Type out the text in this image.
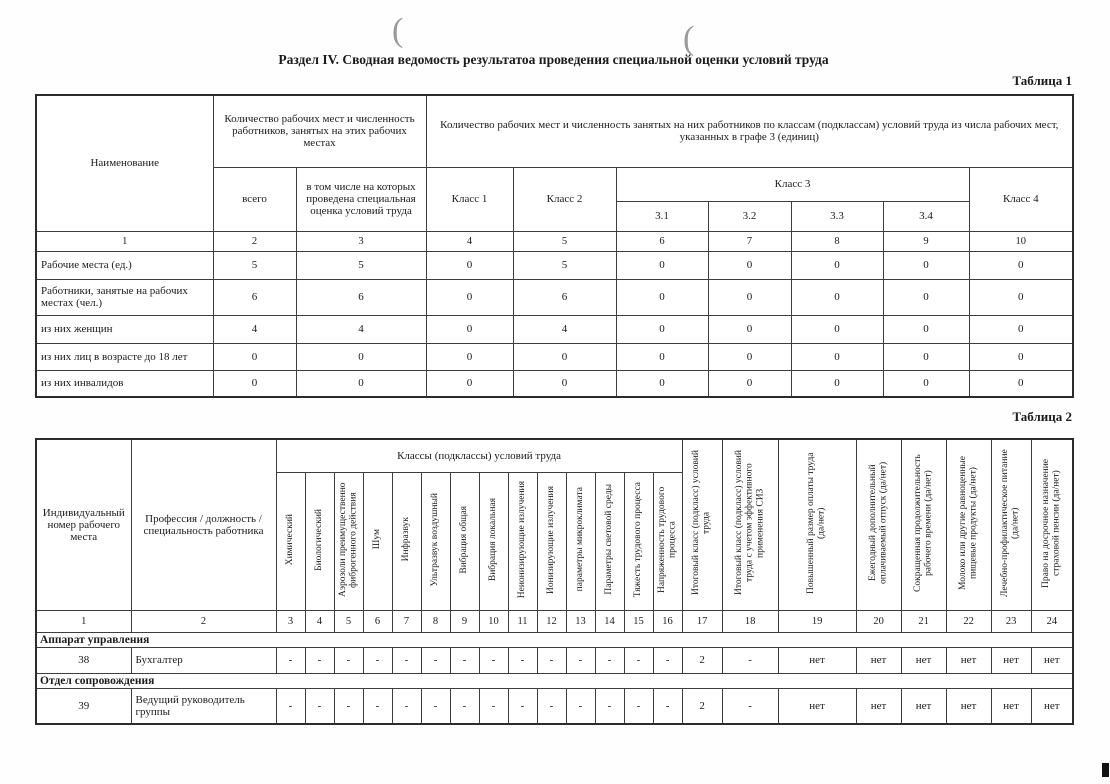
(	(
Раздел IV. Сводная ведомость результатоа проведения специальной оценки условий труда
Таблица 1
Наименование	Количество рабочих мест и численность работников, занятых на этих рабочих местах		Количество рабочих мест и численность занятых на них работников по классам (подклассам) условий труда из числа рабочих мест, указанных в графе 3 (единиц)						
	всего	в том числе на которых проведена специальная оценка условий труда	Класс 1	Класс 2	Класс 3				Класс 4
					3.1	3.2	3.3	3.4	
1	2	3	4	5	6	7	8	9	10
Рабочие места (ед.)	5	5	0	5	0	0	0	0	0
Работники, занятые на рабочих местах (чел.)	6	6	0	6	0	0	0	0	0
из них женщин	4	4	0	4	0	0	0	0	0
из них лиц в возрасте до 18 лет	0	0	0	0	0	0	0	0	0
из них инвалидов	0	0	0	0	0	0	0	0	0
Таблица 2
Индивидуальный номер рабочего места	Профессия / должность / специальность работника	Классы (подклассы) условий труда														Итоговый класс (подкласс) условий труда	Итоговый класс (подкласс) условий труда с учетом эффективного применения СИЗ	Повышенный размер оплаты труда (да/нет)	Ежегодный дополнительный оплачиваемый отпуск (да/нет)	Сокращенная продолжительность рабочего времени (да/нет)	Молоко или другие равноценные пищевые продукты (да/нет)	Лечебно-профилактическое питание (да/нет)	Право на досрочное назначение страховой пенсии (да/нет)
		Химический	Биологический	Аэрозоли преимущественно фиброгенного действия	Шум	Инфразвук	Ультразвук воздушный	Вибрация общая	Вибрация локальная	Неионизирующие излучения	Ионизирующие излучения	параметры микроклимата	Параметры световой среды	Тяжесть трудового процесса	Напряженность трудового процесса								
1	2	3	4	5	6	7	8	9	10	11	12	13	14	15	16	17	18	19	20	21	22	23	24
Аппарат управления																							
38	Бухгалтер	-	-	-	-	-	-	-	-	-	-	-	-	-	-	2	-	нет	нет	нет	нет	нет	нет
Отдел сопровождения																							
39	Ведущий руководитель группы	-	-	-	-	-	-	-	-	-	-	-	-	-	-	2	-	нет	нет	нет	нет	нет	нет
